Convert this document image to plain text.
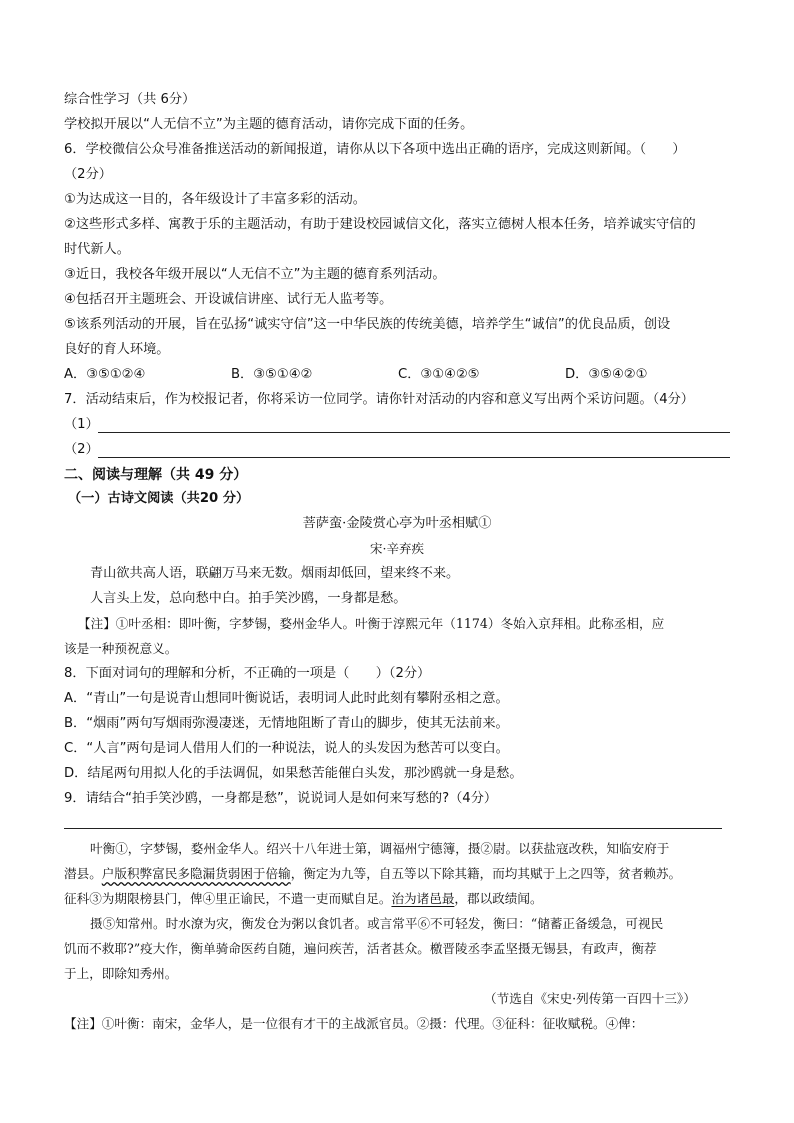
综合性学习（共 6分）
学校拟开展以“人无信不立”为主题的德育活动，请你完成下面的任务。
6．学校微信公众号准备推送活动的新闻报道，请你从以下各项中选出正确的语序，完成这则新闻。（　　）
（2分）
①为达成这一目的，各年级设计了丰富多彩的活动。
②这些形式多样、寓教于乐的主题活动，有助于建设校园诚信文化，落实立德树人根本任务，培养诚实守信的
时代新人。
③近日，我校各年级开展以“人无信不立”为主题的德育系列活动。
④包括召开主题班会、开设诚信讲座、试行无人监考等。
⑤该系列活动的开展，旨在弘扬“诚实守信”这一中华民族的传统美德，培养学生“诚信”的优良品质，创设
良好的育人环境。
A．③⑤①②④	B．③⑤①④②	C．③①④②⑤	D．③⑤④②①
7．活动结束后，作为校报记者，你将采访一位同学。请你针对活动的内容和意义写出两个采访问题。（4分）
（1）
（2）
二、阅读与理解（共 49 分）
（一）古诗文阅读（共20 分）
菩萨蛮·金陵赏心亭为叶丞相赋①
宋·辛弃疾
青山欲共高人语，联翩万马来无数。烟雨却低回，望来终不来。
人言头上发，总向愁中白。拍手笑沙鸥，一身都是愁。
【注】①叶丞相：即叶衡，字梦锡，婺州金华人。叶衡于淳熙元年（1174）冬始入京拜相。此称丞相，应
该是一种预祝意义。
8．下面对词句的理解和分析，不正确的一项是（　　）（2分）
A．“青山”一句是说青山想同叶衡说话，表明词人此时此刻有攀附丞相之意。
B．“烟雨”两句写烟雨弥漫凄迷，无情地阻断了青山的脚步，使其无法前来。
C．“人言”两句是词人借用人们的一种说法，说人的头发因为愁苦可以变白。
D．结尾两句用拟人化的手法调侃，如果愁苦能催白头发，那沙鸥就一身是愁。
9．请结合“拍手笑沙鸥，一身都是愁”，说说词人是如何来写愁的?（4分）
叶衡①，字梦锡，婺州金华人。绍兴十八年进士第，调福州宁德簿，摄②尉。以获盐寇改秩，知临安府于
潜县。户版积弊富民多隐漏货弱困于倍输，衡定为九等，自五等以下除其籍，而均其赋于上之四等，贫者赖苏。
征科③为期限榜县门，俾④里正谕民，不遣一吏而赋自足。治为诸邑最，郡以政绩闻。
摄⑤知常州。时水潦为灾，衡发仓为粥以食饥者。或言常平⑥不可轻发，衡曰：“储蓄正备缓急，可视民
饥而不救耶?”疫大作，衡单骑命医药自随，遍问疾苦，活者甚众。檄晋陵丞李孟坚摄无锡县，有政声，衡荐
于上，即除知秀州。
（节选自《宋史·列传第一百四十三》）
【注】①叶衡：南宋，金华人，是一位很有才干的主战派官员。②摄：代理。③征科：征收赋税。④俾：
